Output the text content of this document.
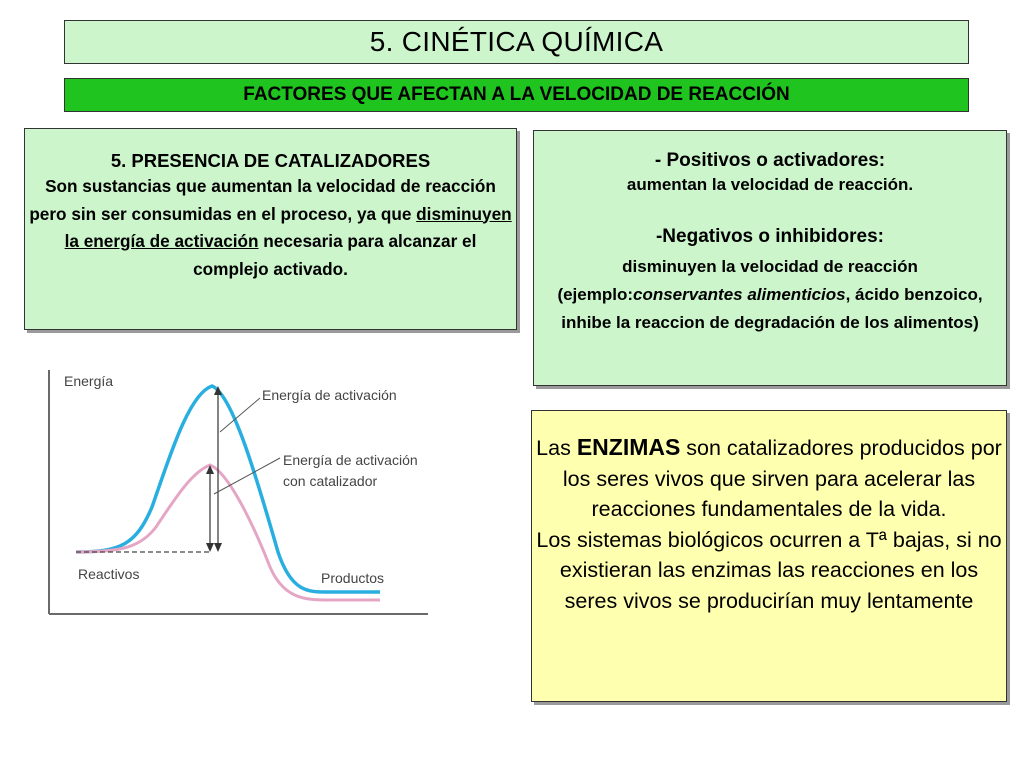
5. CINÉTICA QUÍMICA
FACTORES QUE AFECTAN A LA VELOCIDAD DE REACCIÓN
5. PRESENCIA DE CATALIZADORES
Son sustancias que aumentan la velocidad de reacción pero sin ser consumidas en el proceso, ya que disminuyen la energía de activación necesaria para alcanzar el complejo activado.
- Positivos o activadores:
aumentan la velocidad de reacción.
-Negativos o inhibidores:
disminuyen la velocidad de reacción (ejemplo:conservantes alimenticios, ácido benzoico, inhibe la reaccion de degradación de los alimentos)
Las ENZIMAS son catalizadores producidos por los seres vivos que sirven para acelerar las reacciones fundamentales de la vida.
Los sistemas biológicos ocurren a Tª bajas, si no existieran las enzimas las reacciones en los seres vivos se producirían muy lentamente
Energía
Energía de activación
Energía de activación
con catalizador
Reactivos	Productos
